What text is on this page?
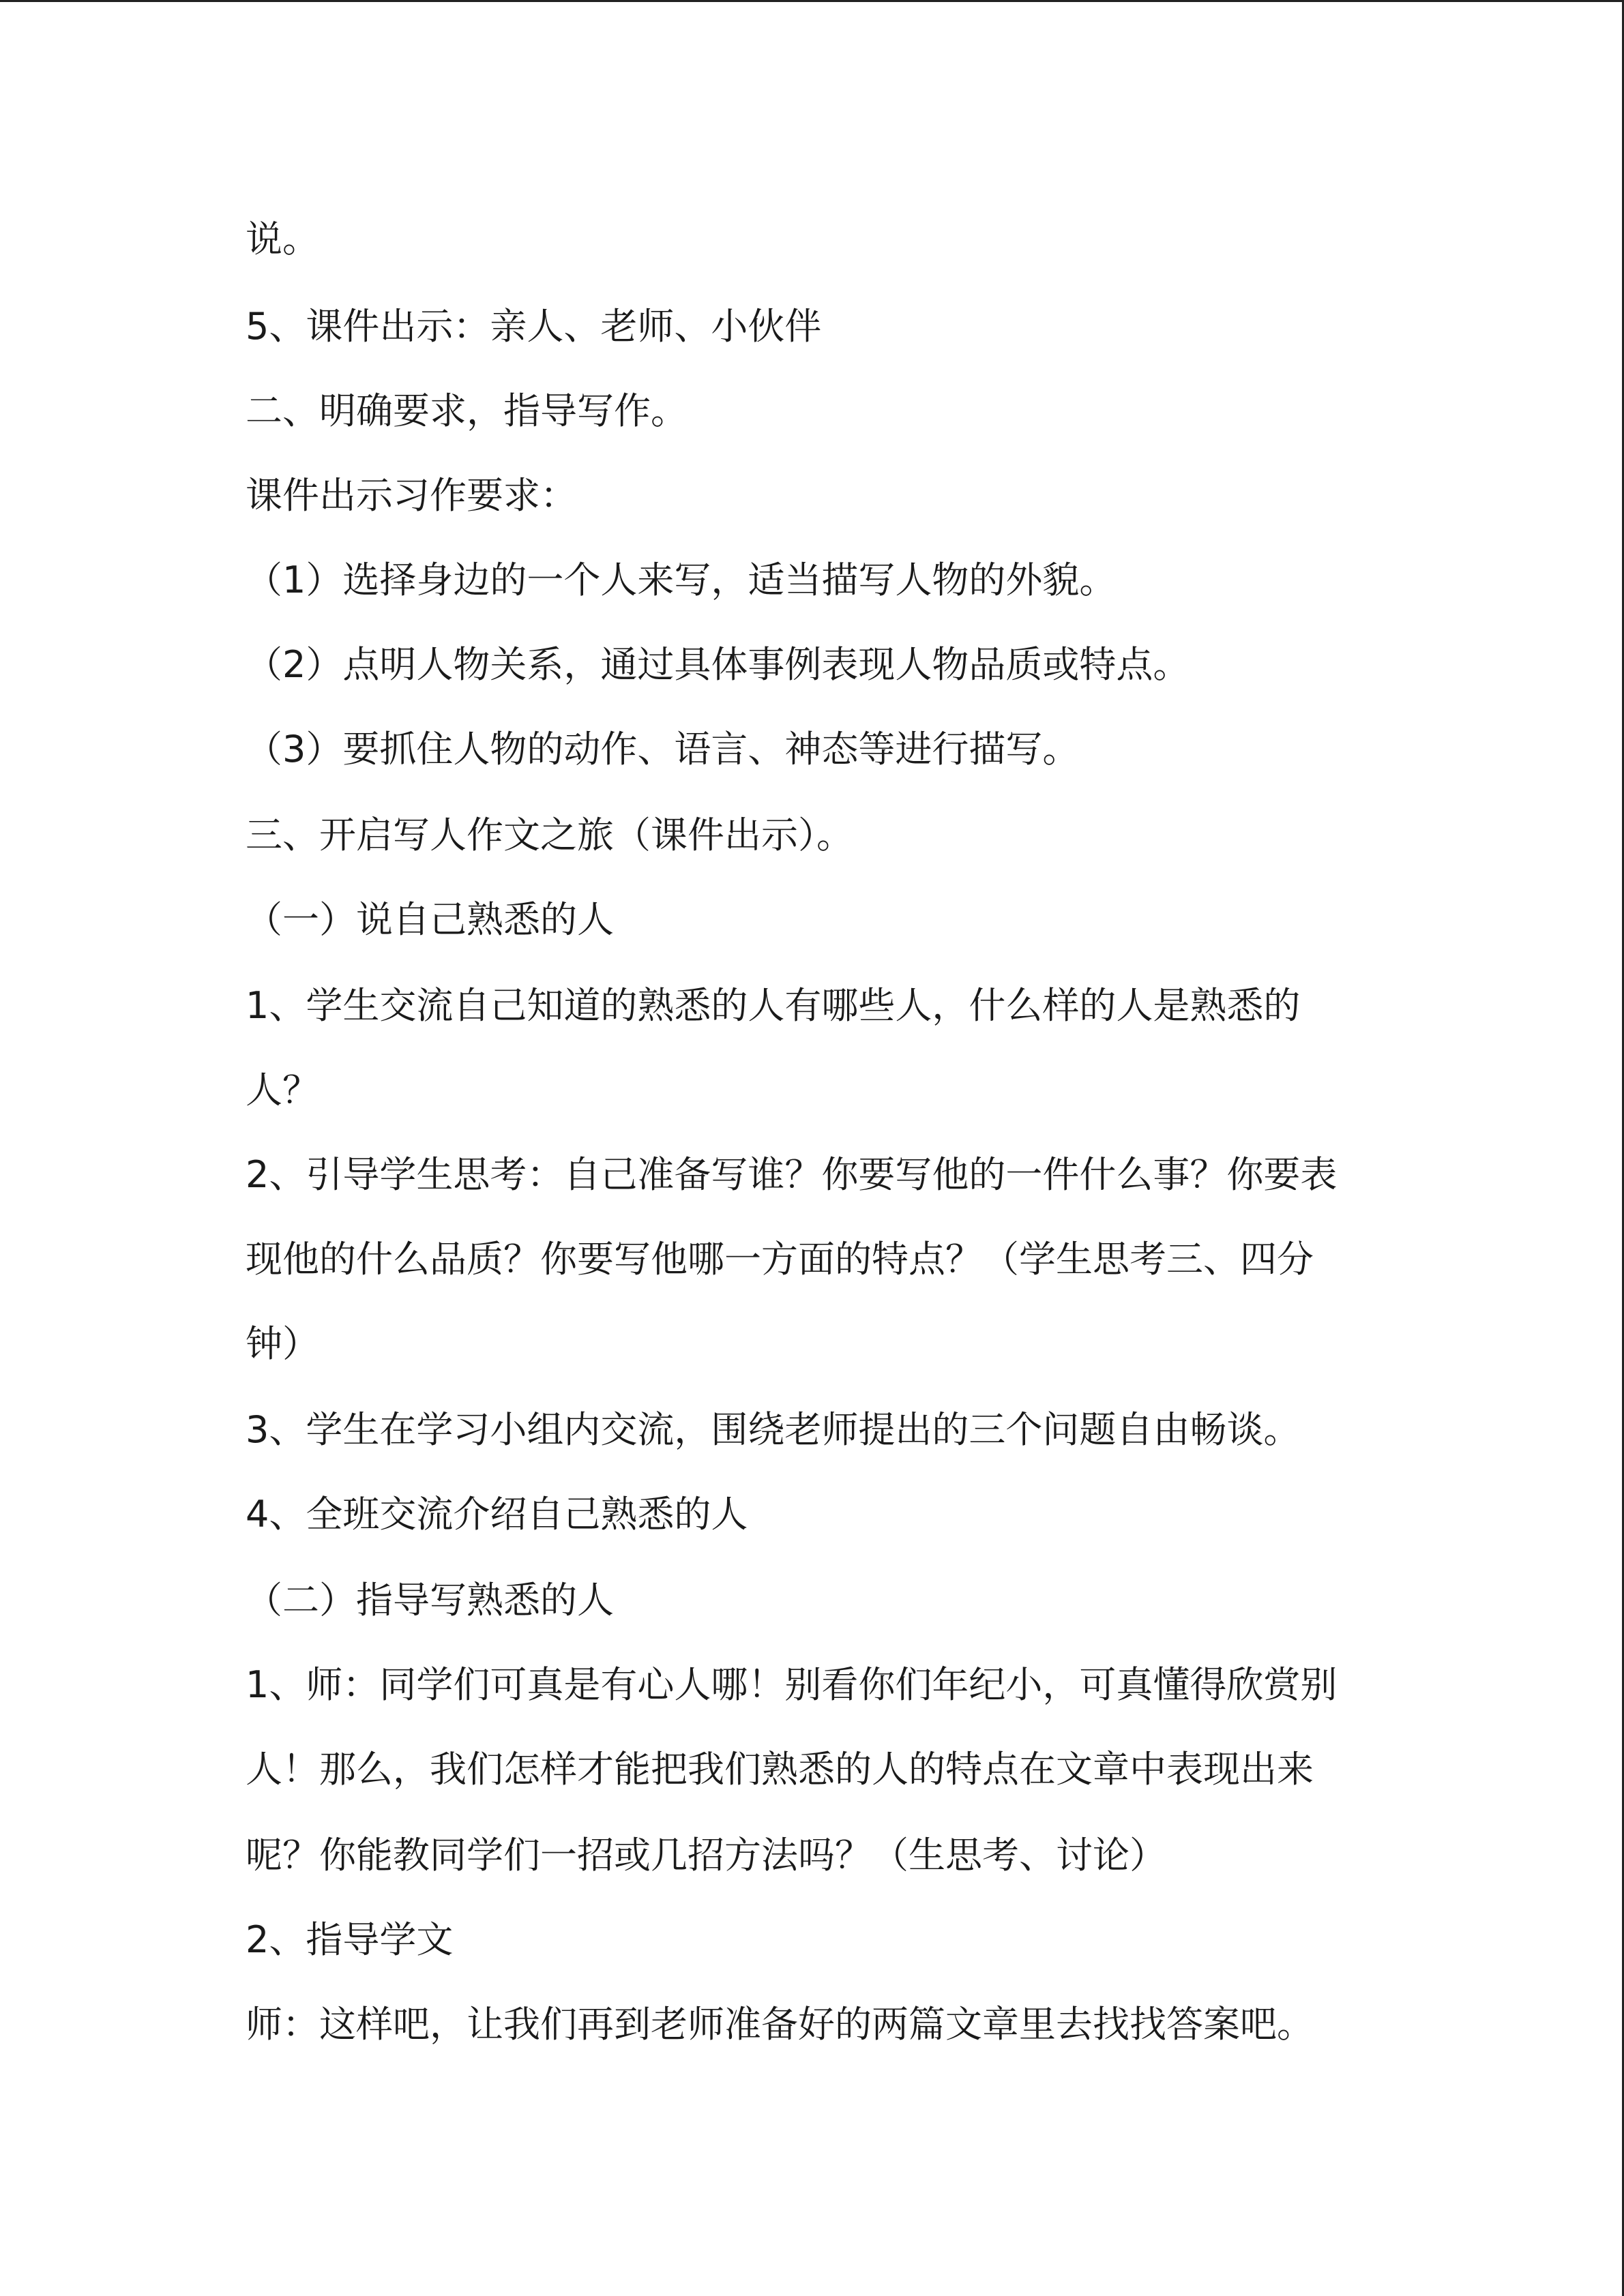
说。

5、课件出示：亲人、老师、小伙伴

二、明确要求，指导写作。

课件出示习作要求：

（1）选择身边的一个人来写，适当描写人物的外貌。

（2）点明人物关系，通过具体事例表现人物品质或特点。

（3）要抓住人物的动作、语言、神态等进行描写。

三、开启写人作文之旅（课件出示）。

（一）说自己熟悉的人

1、学生交流自己知道的熟悉的人有哪些人，什么样的人是熟悉的

人？

2、引导学生思考：自己准备写谁？你要写他的一件什么事？你要表

现他的什么品质？你要写他哪一方面的特点？（学生思考三、四分

钟）

3、学生在学习小组内交流，围绕老师提出的三个问题自由畅谈。

4、全班交流介绍自己熟悉的人

（二）指导写熟悉的人

1、师：同学们可真是有心人哪！别看你们年纪小，可真懂得欣赏别

人！那么，我们怎样才能把我们熟悉的人的特点在文章中表现出来

呢？你能教同学们一招或几招方法吗？（生思考、讨论）

2、指导学文

师：这样吧，让我们再到老师准备好的两篇文章里去找找答案吧。
